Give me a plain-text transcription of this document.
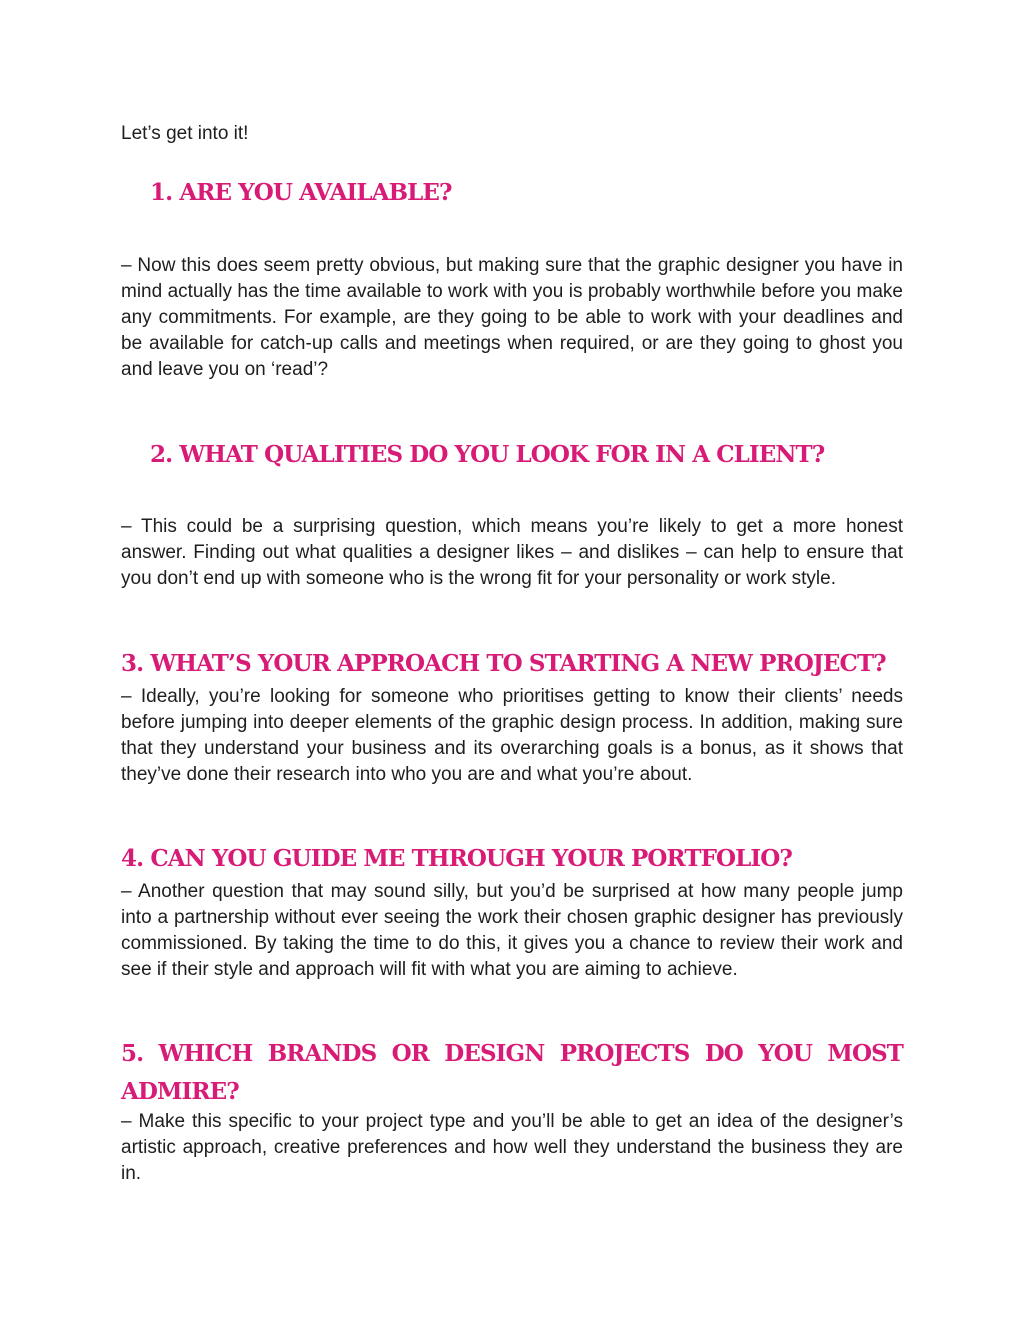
Let’s get into it!

1. ARE YOU AVAILABLE?

– Now this does seem pretty obvious, but making sure that the graphic designer you have in mind actually has the time available to work with you is probably worthwhile before you make any commitments. For example, are they going to be able to work with your deadlines and be available for catch-up calls and meetings when required, or are they going to ghost you and leave you on ‘read’?

2. WHAT QUALITIES DO YOU LOOK FOR IN A CLIENT?

– This could be a surprising question, which means you’re likely to get a more honest answer. Finding out what qualities a designer likes – and dislikes – can help to ensure that you don’t end up with someone who is the wrong fit for your personality or work style.

3. WHAT’S YOUR APPROACH TO STARTING A NEW PROJECT?

– Ideally, you’re looking for someone who prioritises getting to know their clients’ needs before jumping into deeper elements of the graphic design process. In addition, making sure that they understand your business and its overarching goals is a bonus, as it shows that they’ve done their research into who you are and what you’re about.

4. CAN YOU GUIDE ME THROUGH YOUR PORTFOLIO?

– Another question that may sound silly, but you’d be surprised at how many people jump into a partnership without ever seeing the work their chosen graphic designer has previously commissioned. By taking the time to do this, it gives you a chance to review their work and see if their style and approach will fit with what you are aiming to achieve.

5. WHICH BRANDS OR DESIGN PROJECTS DO YOU MOST ADMIRE?

– Make this specific to your project type and you’ll be able to get an idea of the designer’s artistic approach, creative preferences and how well they understand the business they are in.
